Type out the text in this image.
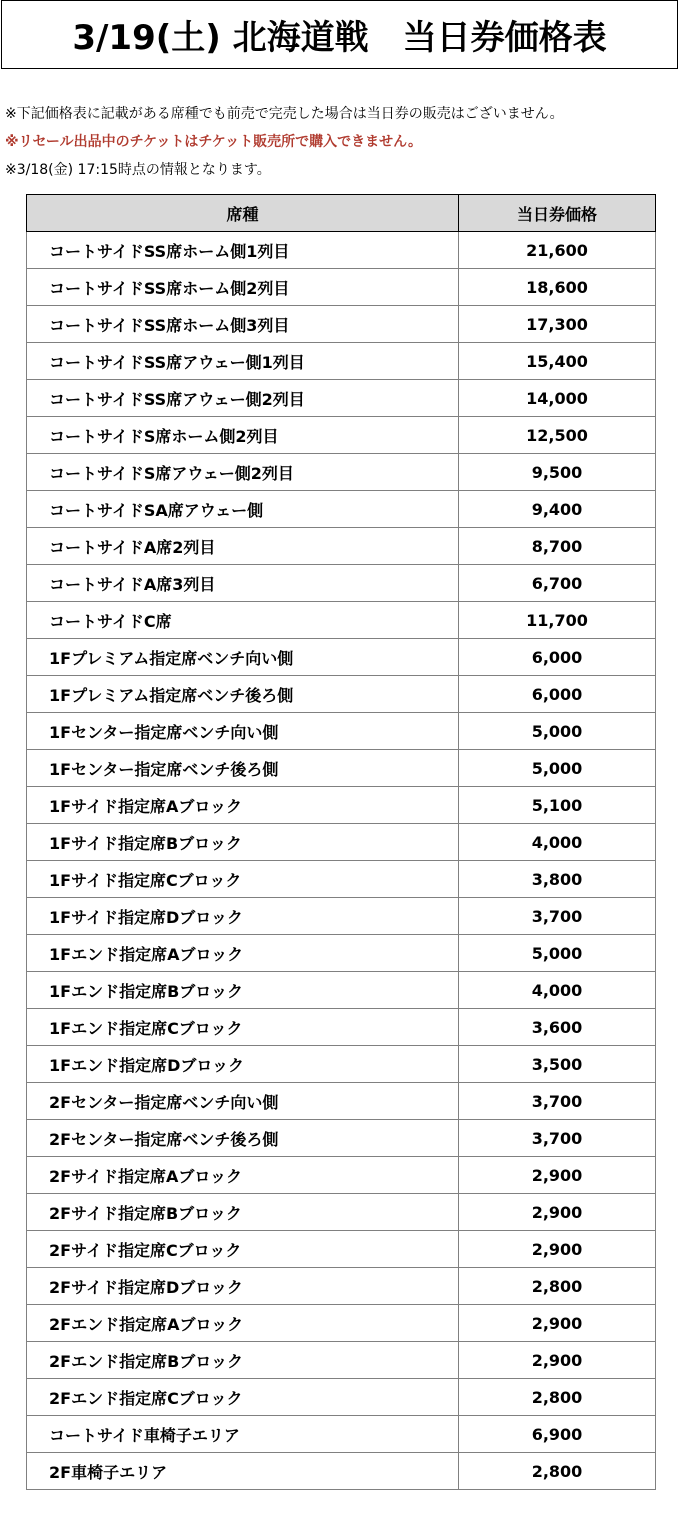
3/19(土) 北海道戦　当日券価格表
※下記価格表に記載がある席種でも前売で完売した場合は当日券の販売はございません。
※リセール出品中のチケットはチケット販売所で購入できません。
※3/18(金) 17:15時点の情報となります。
席種	当日券価格
コートサイドSS席ホーム側1列目	21,600
コートサイドSS席ホーム側2列目	18,600
コートサイドSS席ホーム側3列目	17,300
コートサイドSS席アウェー側1列目	15,400
コートサイドSS席アウェー側2列目	14,000
コートサイドS席ホーム側2列目	12,500
コートサイドS席アウェー側2列目	9,500
コートサイドSA席アウェー側	9,400
コートサイドA席2列目	8,700
コートサイドA席3列目	6,700
コートサイドC席	11,700
1Fプレミアム指定席ベンチ向い側	6,000
1Fプレミアム指定席ベンチ後ろ側	6,000
1Fセンター指定席ベンチ向い側	5,000
1Fセンター指定席ベンチ後ろ側	5,000
1Fサイド指定席Aブロック	5,100
1Fサイド指定席Bブロック	4,000
1Fサイド指定席Cブロック	3,800
1Fサイド指定席Dブロック	3,700
1Fエンド指定席Aブロック	5,000
1Fエンド指定席Bブロック	4,000
1Fエンド指定席Cブロック	3,600
1Fエンド指定席Dブロック	3,500
2Fセンター指定席ベンチ向い側	3,700
2Fセンター指定席ベンチ後ろ側	3,700
2Fサイド指定席Aブロック	2,900
2Fサイド指定席Bブロック	2,900
2Fサイド指定席Cブロック	2,900
2Fサイド指定席Dブロック	2,800
2Fエンド指定席Aブロック	2,900
2Fエンド指定席Bブロック	2,900
2Fエンド指定席Cブロック	2,800
コートサイド車椅子エリア	6,900
2F車椅子エリア	2,800
